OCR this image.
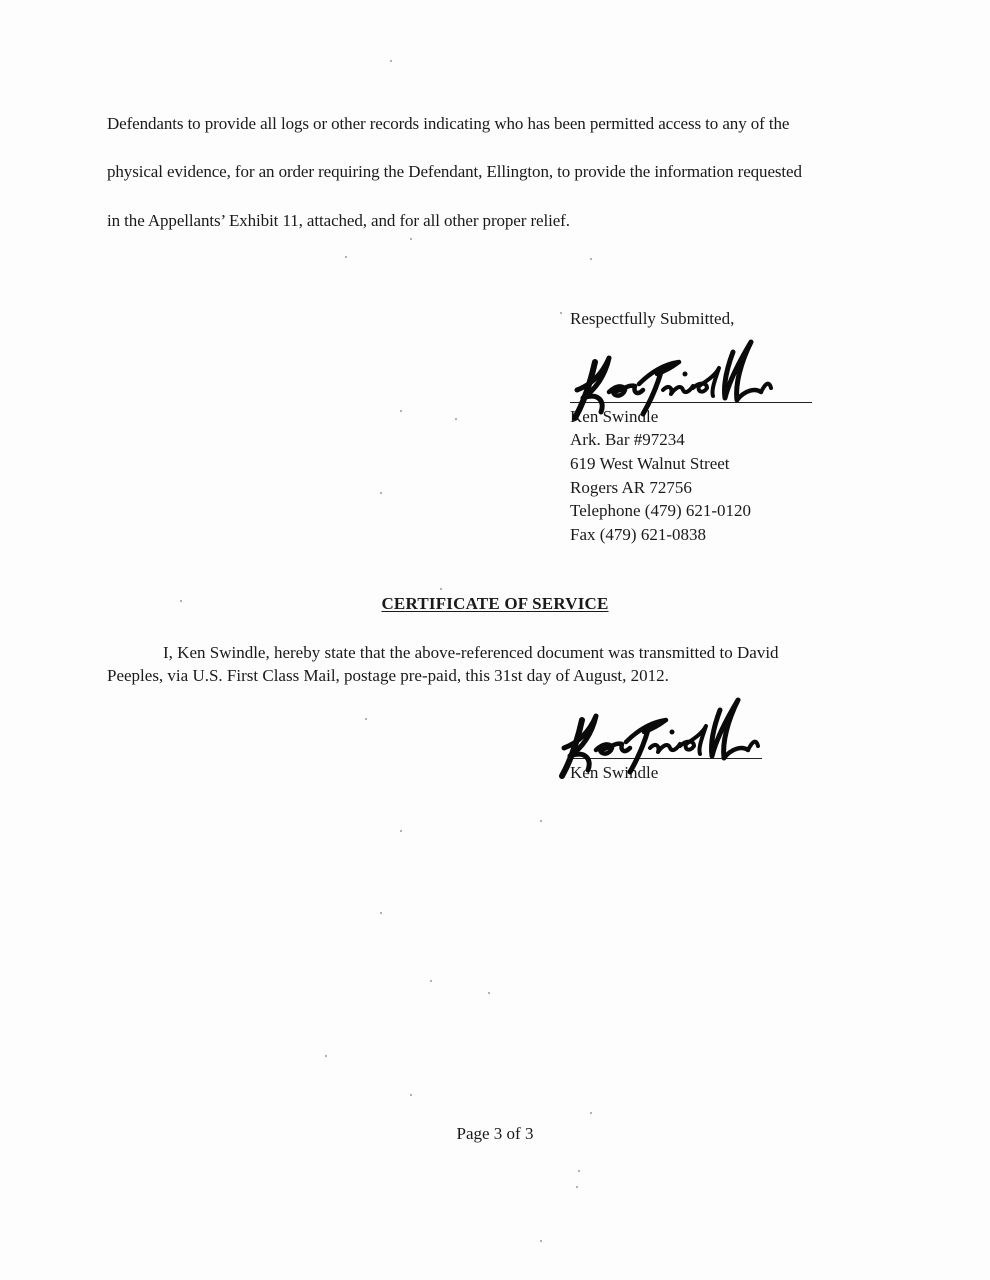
Defendants to provide all logs or other records indicating who has been permitted access to any of the
physical evidence, for an order requiring the Defendant, Ellington, to provide the information requested
in the Appellants’ Exhibit 11, attached, and for all other proper relief.
Respectfully Submitted,
Ken Swindle
Ark. Bar #97234
619 West Walnut Street
Rogers AR 72756
Telephone (479) 621-0120
Fax (479) 621-0838
CERTIFICATE OF SERVICE
I, Ken Swindle, hereby state that the above-referenced document was transmitted to David
Peeples, via U.S. First Class Mail, postage pre-paid, this 31st day of August, 2012.
Ken Swindle
Page 3 of 3
